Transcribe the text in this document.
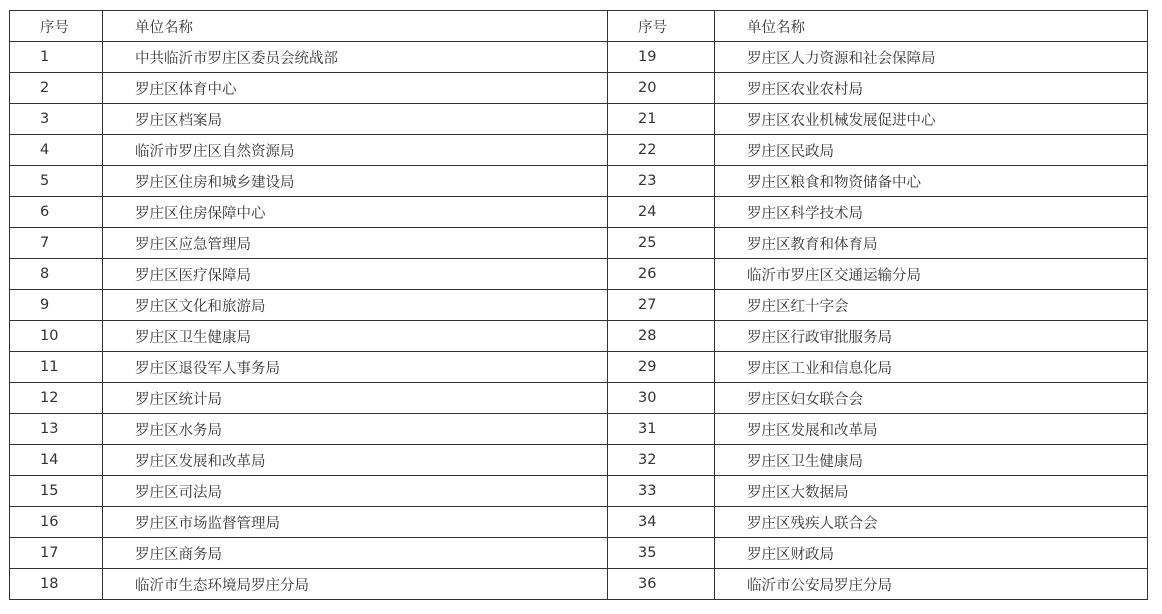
序号	单位名称	序号	单位名称
1	中共临沂市罗庄区委员会统战部	19	罗庄区人力资源和社会保障局
2	罗庄区体育中心	20	罗庄区农业农村局
3	罗庄区档案局	21	罗庄区农业机械发展促进中心
4	临沂市罗庄区自然资源局	22	罗庄区民政局
5	罗庄区住房和城乡建设局	23	罗庄区粮食和物资储备中心
6	罗庄区住房保障中心	24	罗庄区科学技术局
7	罗庄区应急管理局	25	罗庄区教育和体育局
8	罗庄区医疗保障局	26	临沂市罗庄区交通运输分局
9	罗庄区文化和旅游局	27	罗庄区红十字会
10	罗庄区卫生健康局	28	罗庄区行政审批服务局
11	罗庄区退役军人事务局	29	罗庄区工业和信息化局
12	罗庄区统计局	30	罗庄区妇女联合会
13	罗庄区水务局	31	罗庄区发展和改革局
14	罗庄区发展和改革局	32	罗庄区卫生健康局
15	罗庄区司法局	33	罗庄区大数据局
16	罗庄区市场监督管理局	34	罗庄区残疾人联合会
17	罗庄区商务局	35	罗庄区财政局
18	临沂市生态环境局罗庄分局	36	临沂市公安局罗庄分局
